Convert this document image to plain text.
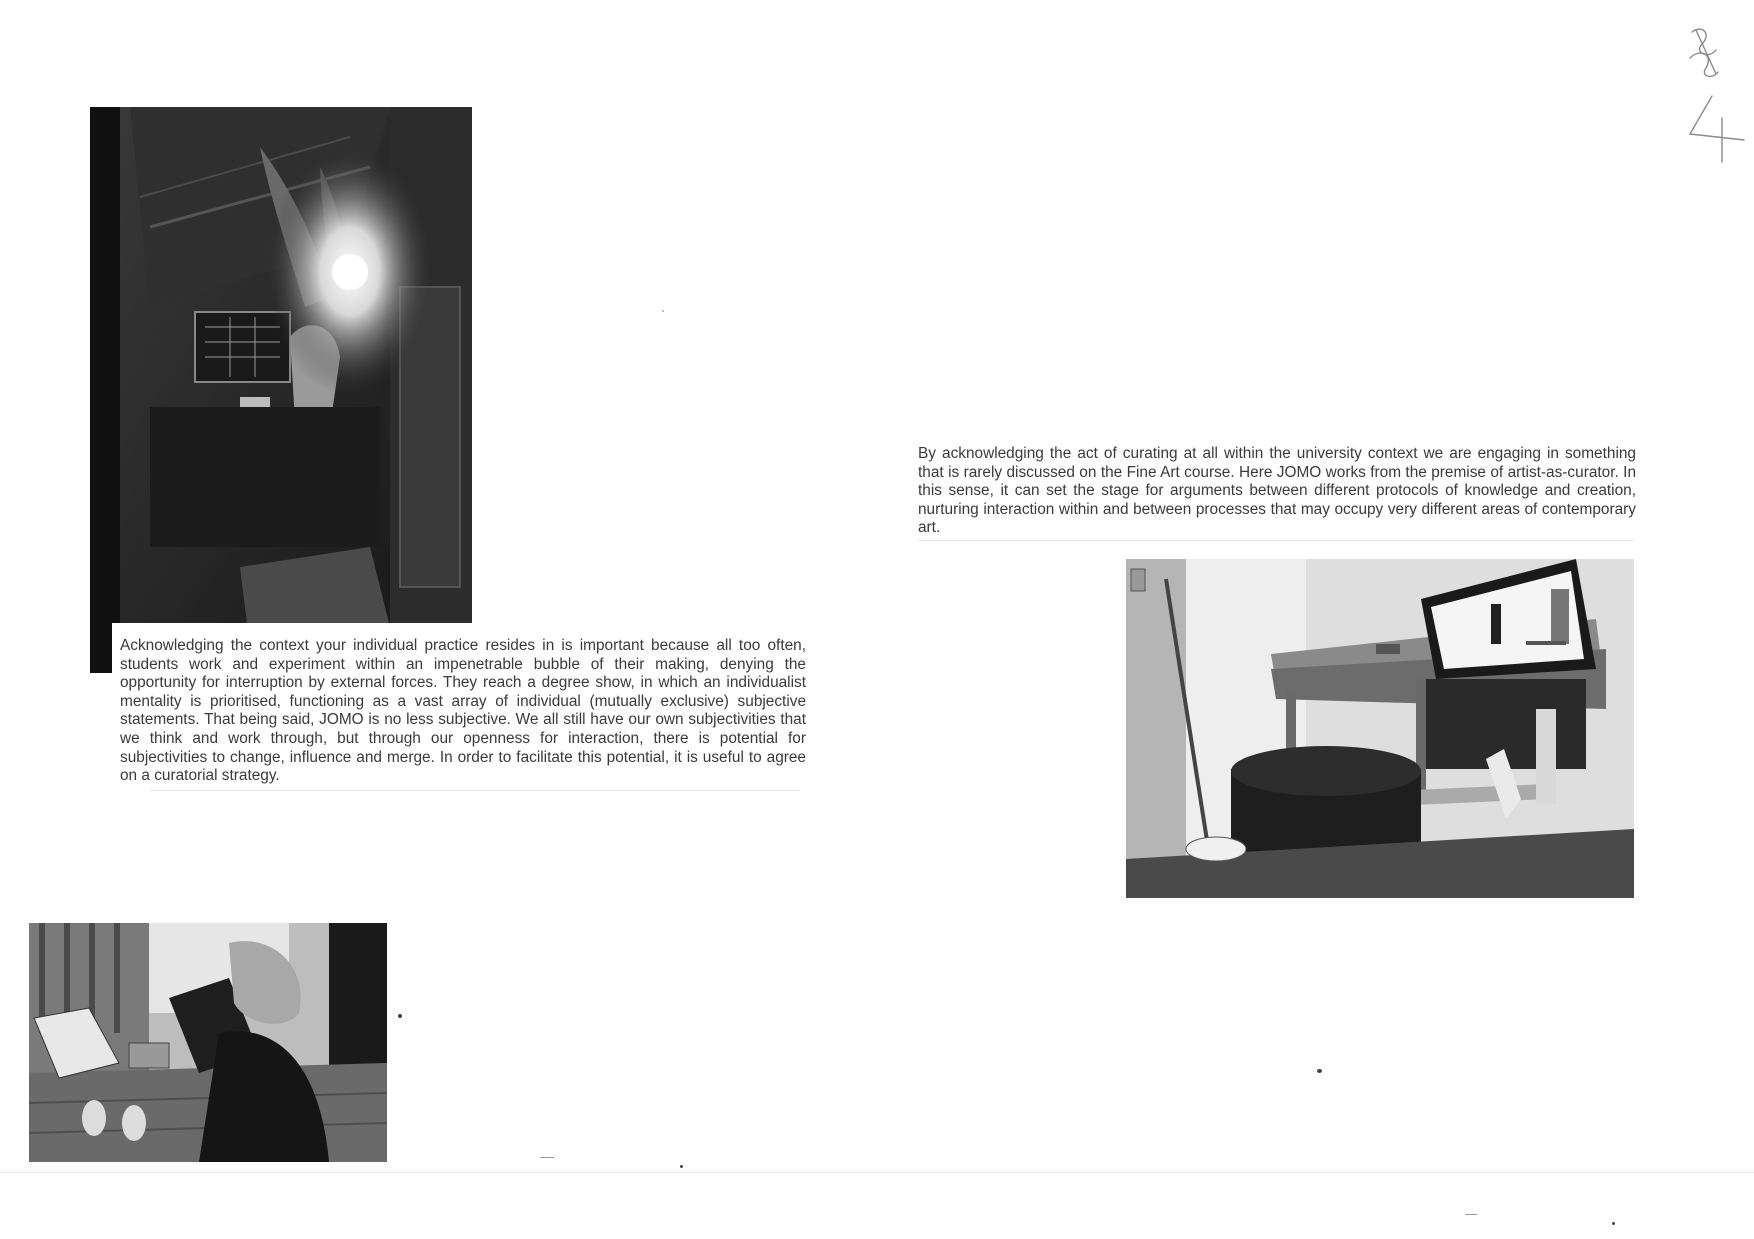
Acknowledging the context your individual practice resides in is important because all too often, students work and experiment within an impenetrable bubble of their making, denying the opportunity for interruption by external forces. They reach a degree show, in which an individualist mentality is prioritised, functioning as a vast array of individual (mutually exclusive) subjective statements. That being said, JOMO is no less subjective. We all still have our own subjectivities that we think and work through, but through our openness for interaction, there is potential for subjectivities to change, influence and merge. In order to facilitate this potential, it is useful to agree on a curatorial strategy.

By acknowledging the act of curating at all within the university context we are engaging in something that is rarely discussed on the Fine Art course. Here JOMO works from the premise of artist-as-curator. In this sense, it can set the stage for arguments between different protocols of knowledge and creation, nurturing interaction within and between processes that may occupy very different areas of contemporary art.
